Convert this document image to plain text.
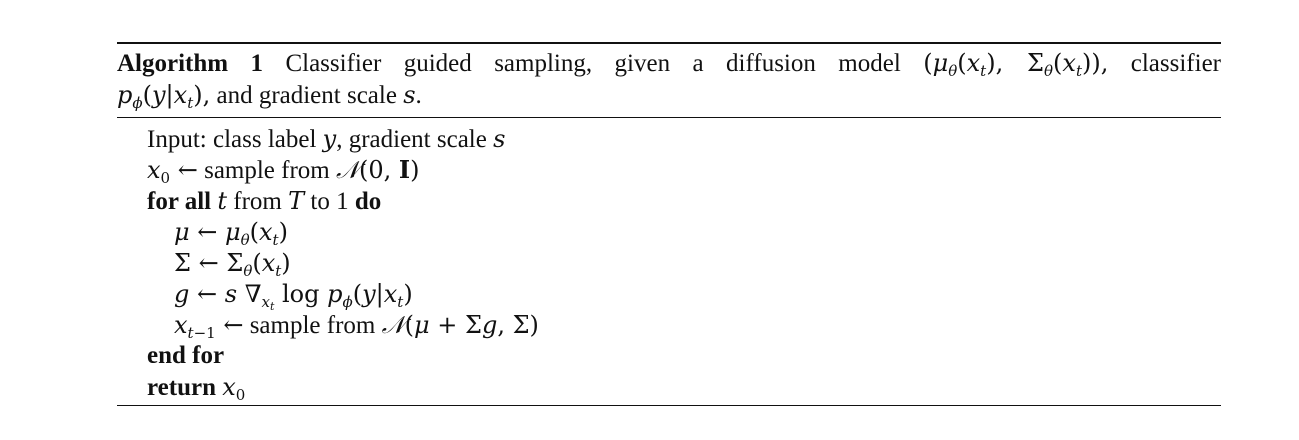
Algorithm 1 Classifier guided sampling, given a diffusion model ($\mu_\theta(x_t)$, $\Sigma_\theta(x_t)$), classifier
$p_\phi(y|x_t)$, and gradient scale s.
Input: class label y, gradient scale s
$x_0$ ← sample from 𝒩(0, I)
for all t from T to 1 do
μ ← $\mu_\theta(x_t)$
Σ ← $\Sigma_\theta(x_t)$
g ← s $\nabla_{x_t}$ $\log p_\phi(y|x_t)$
$x_{t-1}$ ← sample from 𝒩(μ + Σg, Σ)
end for
return $x_0$
